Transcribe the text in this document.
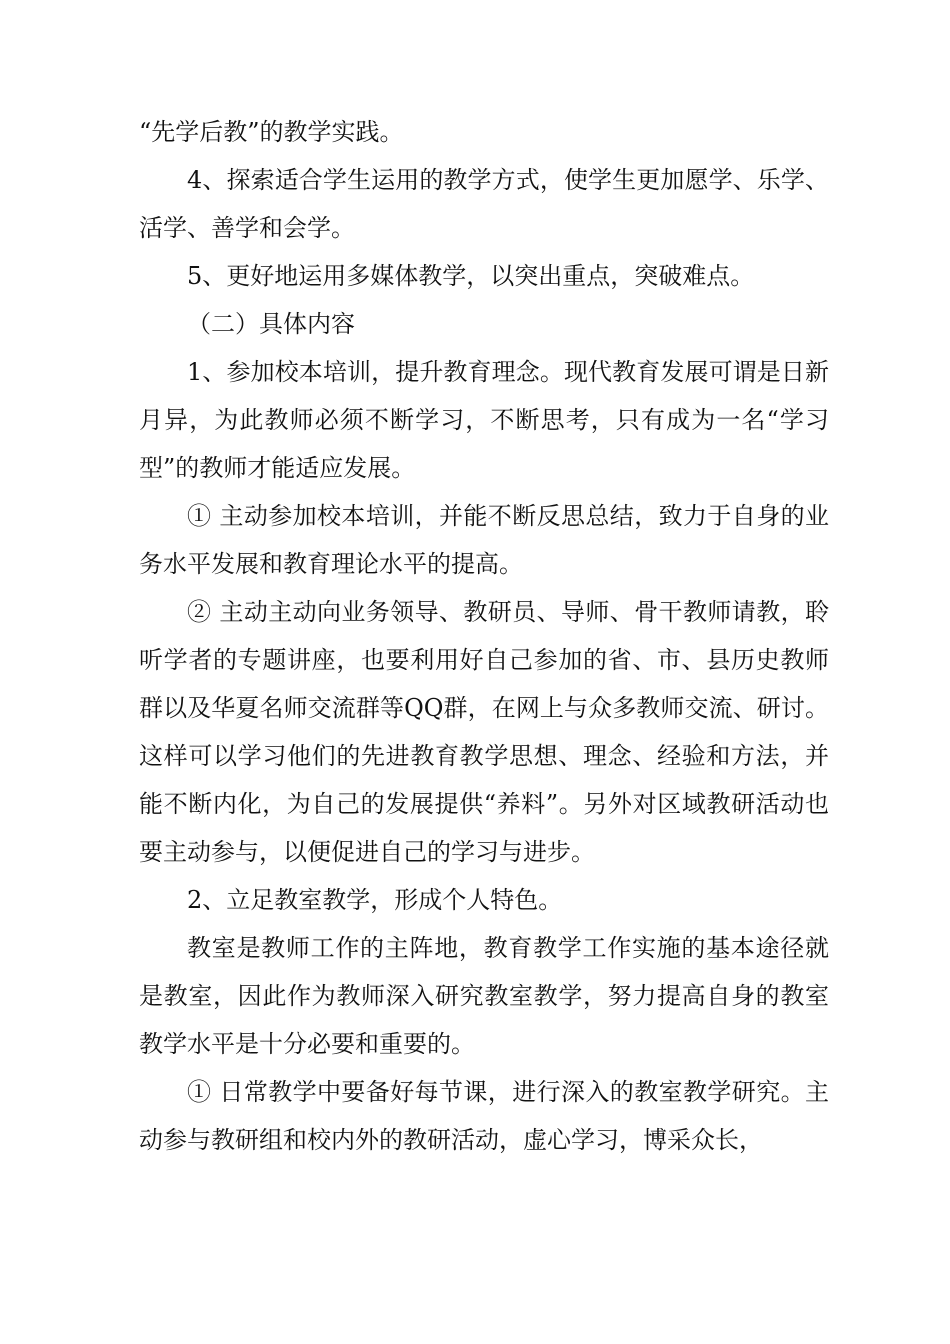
“先学后教”的教学实践。

4、探索适合学生运用的教学方式，使学生更加愿学、乐学、活学、善学和会学。

5、更好地运用多媒体教学，以突出重点，突破难点。

（二）具体内容

1、参加校本培训，提升教育理念。现代教育发展可谓是日新月异，为此教师必须不断学习，不断思考，只有成为一名“学习型”的教师才能适应发展。

① 主动参加校本培训，并能不断反思总结，致力于自身的业务水平发展和教育理论水平的提高。

② 主动主动向业务领导、教研员、导师、骨干教师请教，聆听学者的专题讲座，也要利用好自己参加的省、市、县历史教师群以及华夏名师交流群等QQ群，在网上与众多教师交流、研讨。这样可以学习他们的先进教育教学思想、理念、经验和方法，并能不断内化，为自己的发展提供“养料”。另外对区域教研活动也要主动参与，以便促进自己的学习与进步。

2、立足教室教学，形成个人特色。

教室是教师工作的主阵地，教育教学工作实施的基本途径就是教室，因此作为教师深入研究教室教学，努力提高自身的教室教学水平是十分必要和重要的。

① 日常教学中要备好每节课，进行深入的教室教学研究。主动参与教研组和校内外的教研活动，虚心学习，博采众长，
